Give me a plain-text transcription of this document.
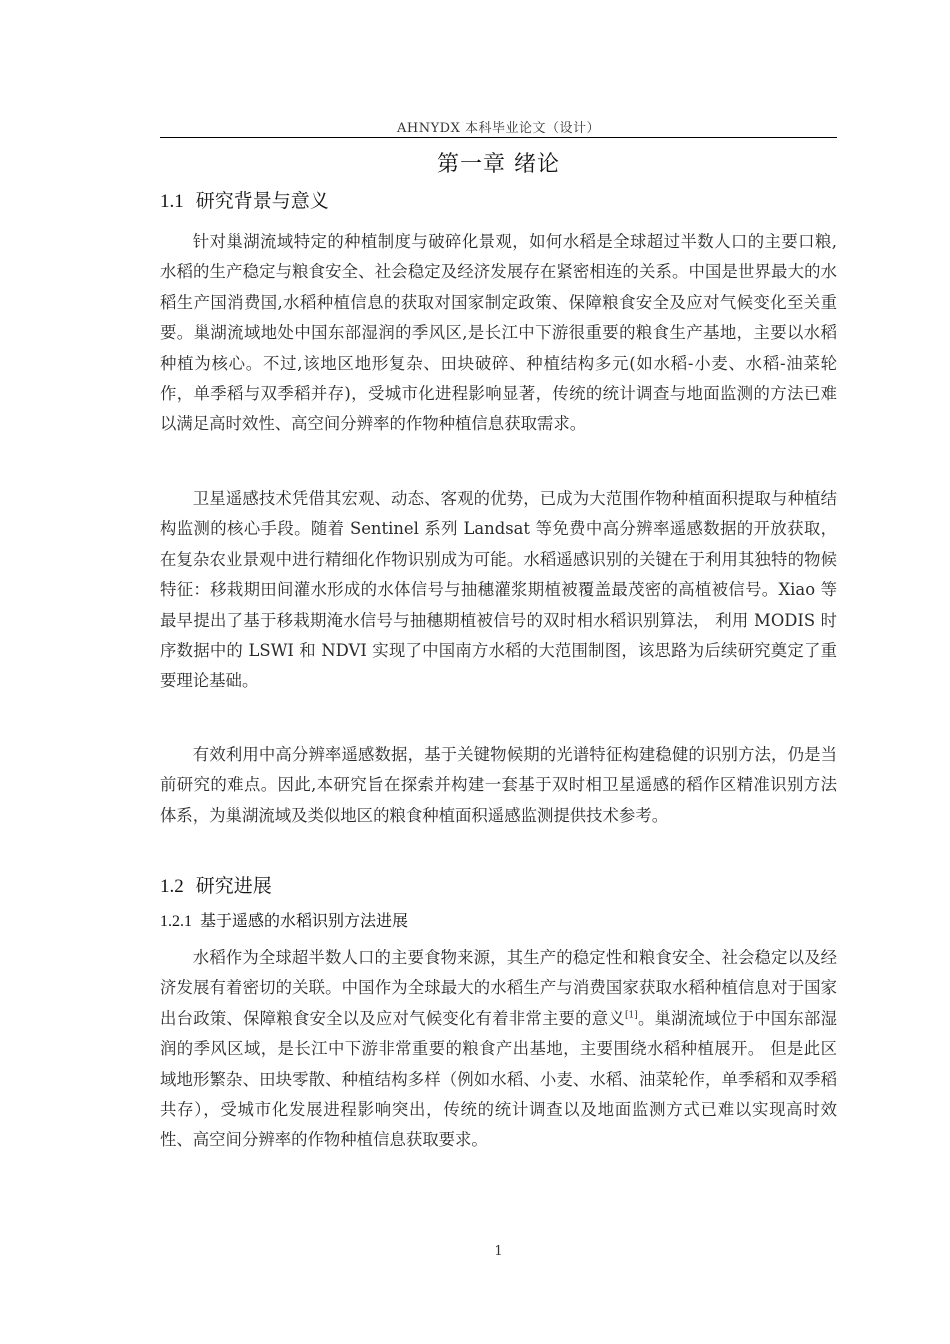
AHNYDX 本科毕业论文（设计）
第一章 绪论
1.1 研究背景与意义

针对巢湖流域特定的种植制度与破碎化景观，如何水稻是全球超过半数人口的主要口粮,水稻的生产稳定与粮食安全、社会稳定及经济发展存在紧密相连的关系。中国是世界最大的水稻生产国消费国,水稻种植信息的获取对国家制定政策、保障粮食安全及应对气候变化至关重要。巢湖流域地处中国东部湿润的季风区,是长江中下游很重要的粮食生产基地，主要以水稻种植为核心。不过,该地区地形复杂、田块破碎、种植结构多元(如水稻-小麦、水稻-油菜轮作，单季稻与双季稻并存)，受城市化进程影响显著，传统的统计调查与地面监测的方法已难以满足高时效性、高空间分辨率的作物种植信息获取需求。

卫星遥感技术凭借其宏观、动态、客观的优势，已成为大范围作物种植面积提取与种植结构监测的核心手段。随着 Sentinel 系列 Landsat 等免费中高分辨率遥感数据的开放获取，在复杂农业景观中进行精细化作物识别成为可能。水稻遥感识别的关键在于利用其独特的物候特征：移栽期田间灌水形成的水体信号与抽穗灌浆期植被覆盖最茂密的高植被信号。Xiao 等最早提出了基于移栽期淹水信号与抽穗期植被信号的双时相水稻识别算法， 利用 MODIS 时序数据中的 LSWI 和 NDVI 实现了中国南方水稻的大范围制图，该思路为后续研究奠定了重要理论基础。

有效利用中高分辨率遥感数据，基于关键物候期的光谱特征构建稳健的识别方法，仍是当前研究的难点。因此,本研究旨在探索并构建一套基于双时相卫星遥感的稻作区精准识别方法体系，为巢湖流域及类似地区的粮食种植面积遥感监测提供技术参考。

1.2 研究进展
1.2.1 基于遥感的水稻识别方法进展

水稻作为全球超半数人口的主要食物来源，其生产的稳定性和粮食安全、社会稳定以及经济发展有着密切的关联。中国作为全球最大的水稻生产与消费国家获取水稻种植信息对于国家出台政策、保障粮食安全以及应对气候变化有着非常主要的意义[1]。巢湖流域位于中国东部湿润的季风区域，是长江中下游非常重要的粮食产出基地，主要围绕水稻种植展开。 但是此区域地形繁杂、田块零散、种植结构多样（例如水稻、小麦、水稻、油菜轮作，单季稻和双季稻共存），受城市化发展进程影响突出，传统的统计调查以及地面监测方式已难以实现高时效性、高空间分辨率的作物种植信息获取要求。

1
